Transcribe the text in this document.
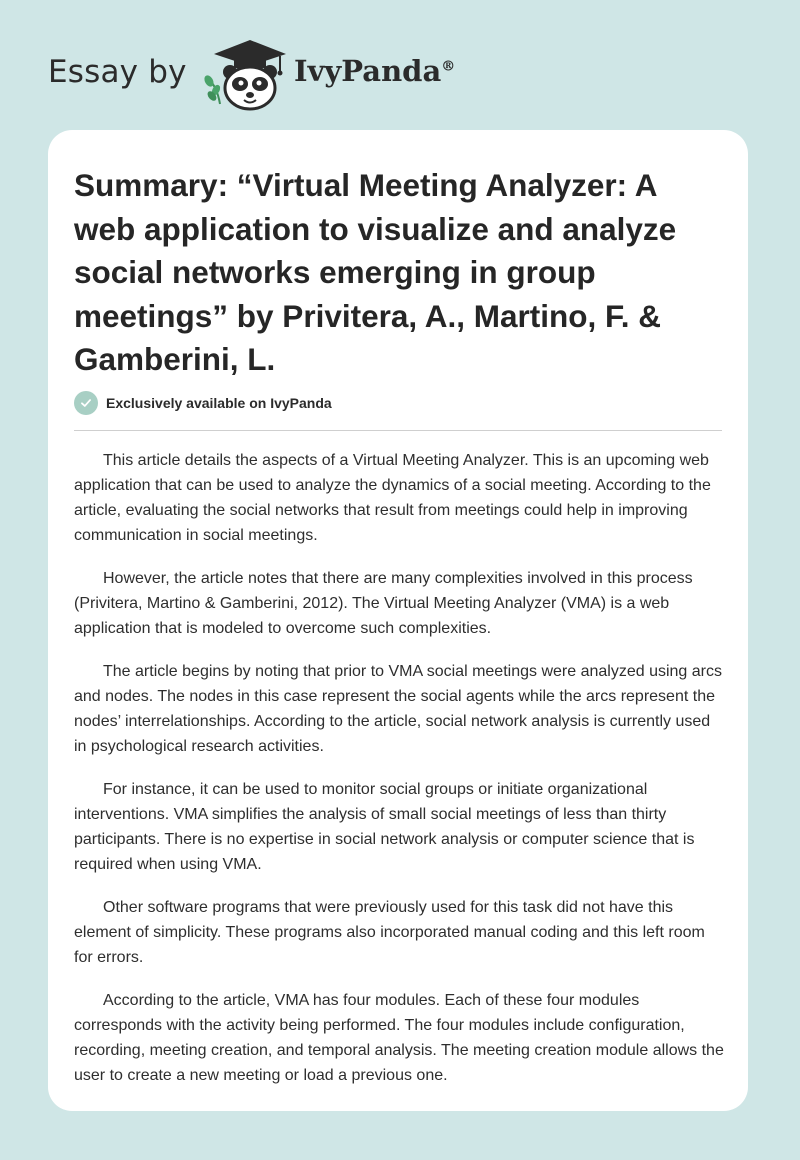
Essay by	IvyPanda®
Summary: “Virtual Meeting Analyzer: A web application to visualize and analyze social networks emerging in group meetings” by Privitera, A., Martino, F. & Gamberini, L.
Exclusively available on IvyPanda

This article details the aspects of a Virtual Meeting Analyzer. This is an upcoming web application that can be used to analyze the dynamics of a social meeting. According to the article, evaluating the social networks that result from meetings could help in improving communication in social meetings.

However, the article notes that there are many complexities involved in this process (Privitera, Martino & Gamberini, 2012). The Virtual Meeting Analyzer (VMA) is a web application that is modeled to overcome such complexities.

The article begins by noting that prior to VMA social meetings were analyzed using arcs and nodes. The nodes in this case represent the social agents while the arcs represent the nodes’ interrelationships. According to the article, social network analysis is currently used in psychological research activities.

For instance, it can be used to monitor social groups or initiate organizational interventions. VMA simplifies the analysis of small social meetings of less than thirty participants. There is no expertise in social network analysis or computer science that is required when using VMA.

Other software programs that were previously used for this task did not have this element of simplicity. These programs also incorporated manual coding and this left room for errors.

According to the article, VMA has four modules. Each of these four modules corresponds with the activity being performed. The four modules include configuration, recording, meeting creation, and temporal analysis. The meeting creation module allows the user to create a new meeting or load a previous one.
